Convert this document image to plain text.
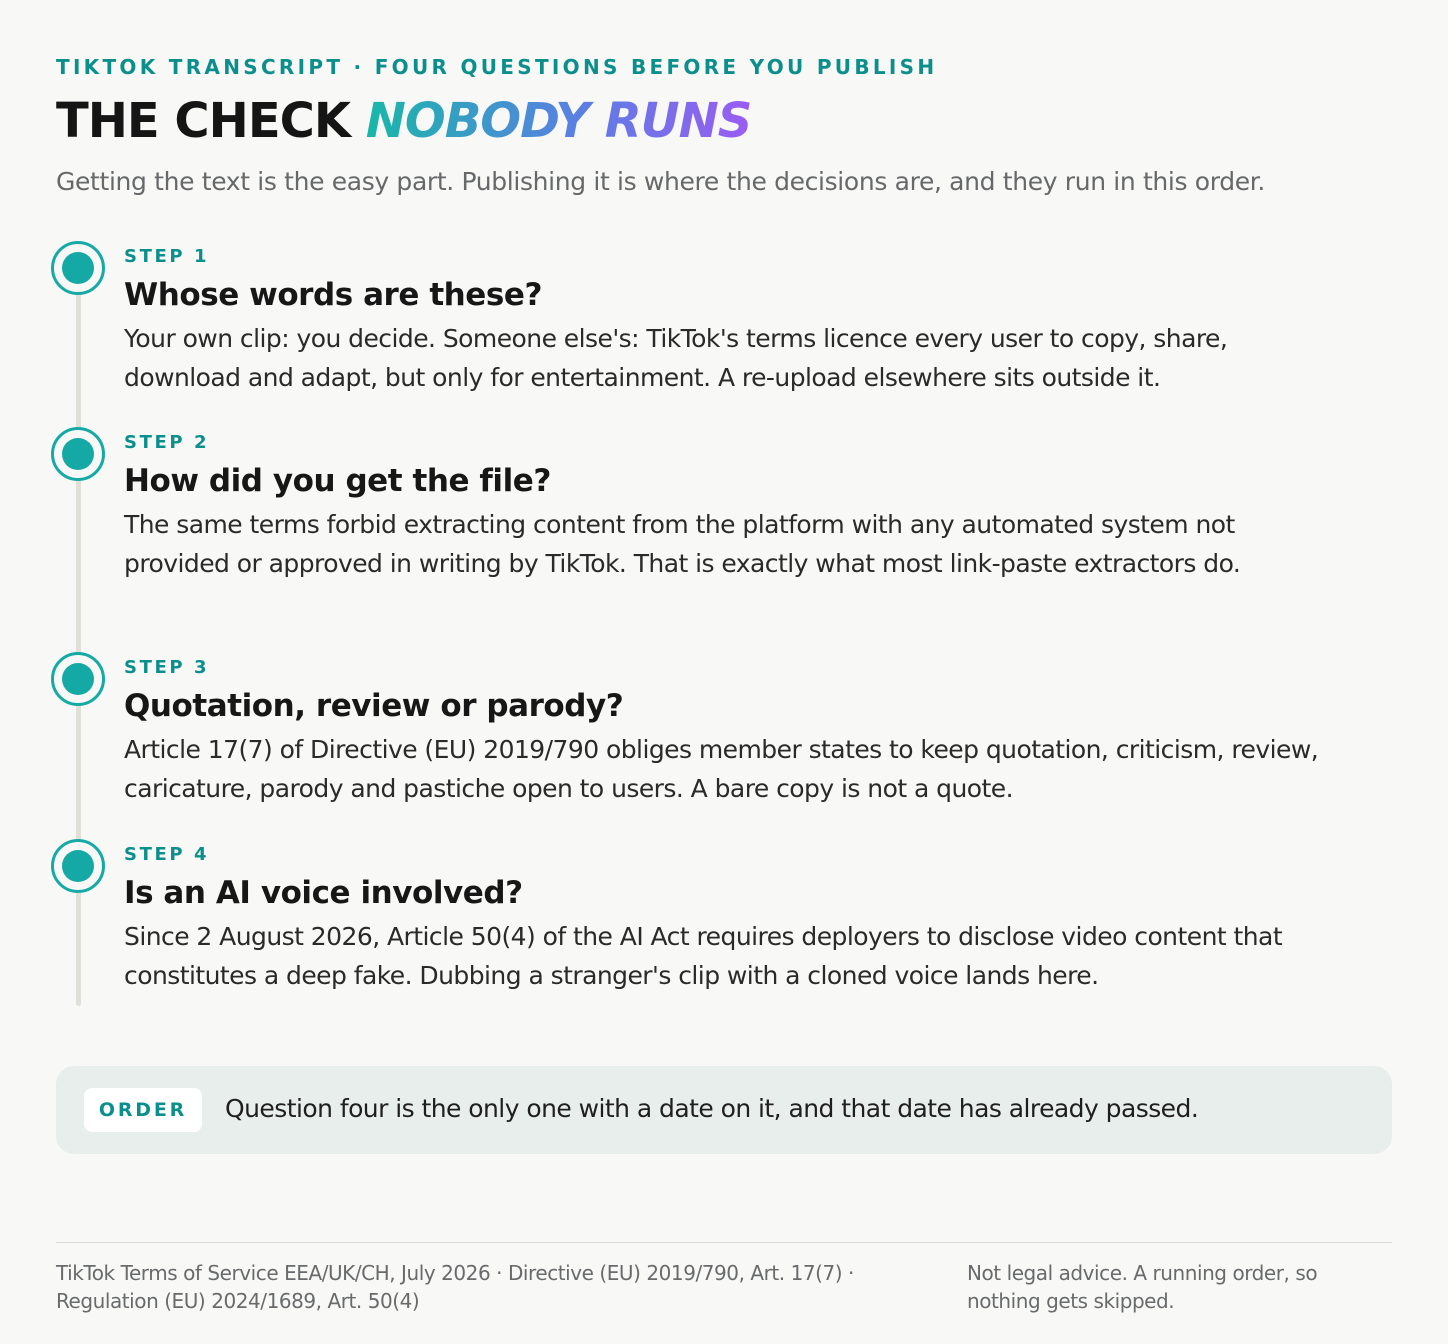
TIKTOK TRANSCRIPT · FOUR QUESTIONS BEFORE YOU PUBLISH
THE CHECK NOBODY RUNS

Getting the text is the easy part. Publishing it is where the decisions are, and they run in this order.

STEP 1
Whose words are these?

Your own clip: you decide. Someone else's: TikTok's terms licence every user to copy, share, download and adapt, but only for entertainment. A re-upload elsewhere sits outside it.

STEP 2
How did you get the file?

The same terms forbid extracting content from the platform with any automated system not provided or approved in writing by TikTok. That is exactly what most link-paste extractors do.

STEP 3
Quotation, review or parody?

Article 17(7) of Directive (EU) 2019/790 obliges member states to keep quotation, criticism, review, caricature, parody and pastiche open to users. A bare copy is not a quote.

STEP 4
Is an AI voice involved?

Since 2 August 2026, Article 50(4) of the AI Act requires deployers to disclose video content that constitutes a deep fake. Dubbing a stranger's clip with a cloned voice lands here.

ORDER	Question four is the only one with a date on it, and that date has already passed.

TikTok Terms of Service EEA/UK/CH, July 2026 · Directive (EU) 2019/790, Art. 17(7) · Regulation (EU) 2024/1689, Art. 50(4)

Not legal advice. A running order, so nothing gets skipped.
